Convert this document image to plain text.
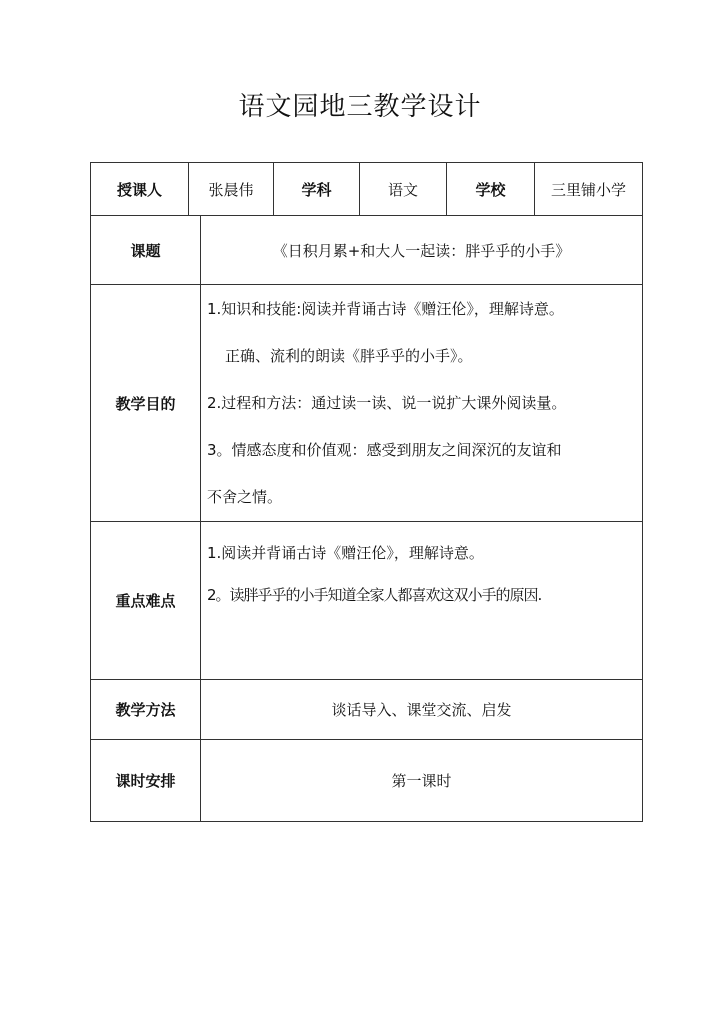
语文园地三教学设计
授课人	张晨伟		学科	语文	学校	三里铺小学
课题		《日积月累+和大人一起读：胖乎乎的小手》				
教学目的		1.知识和技能:阅读并背诵古诗《赠汪伦》，理解诗意。

正确、流利的朗读《胖乎乎的小手》。

2.过程和方法：通过读一读、说一说扩大课外阅读量。

3。情感态度和价值观：感受到朋友之间深沉的友谊和

不舍之情。				

重点难点		1.阅读并背诵古诗《赠汪伦》，理解诗意。

2。读胖乎乎的小手知道全家人都喜欢这双小手的原因.				

教学方法		谈话导入、课堂交流、启发				
课时安排		第一课时				
